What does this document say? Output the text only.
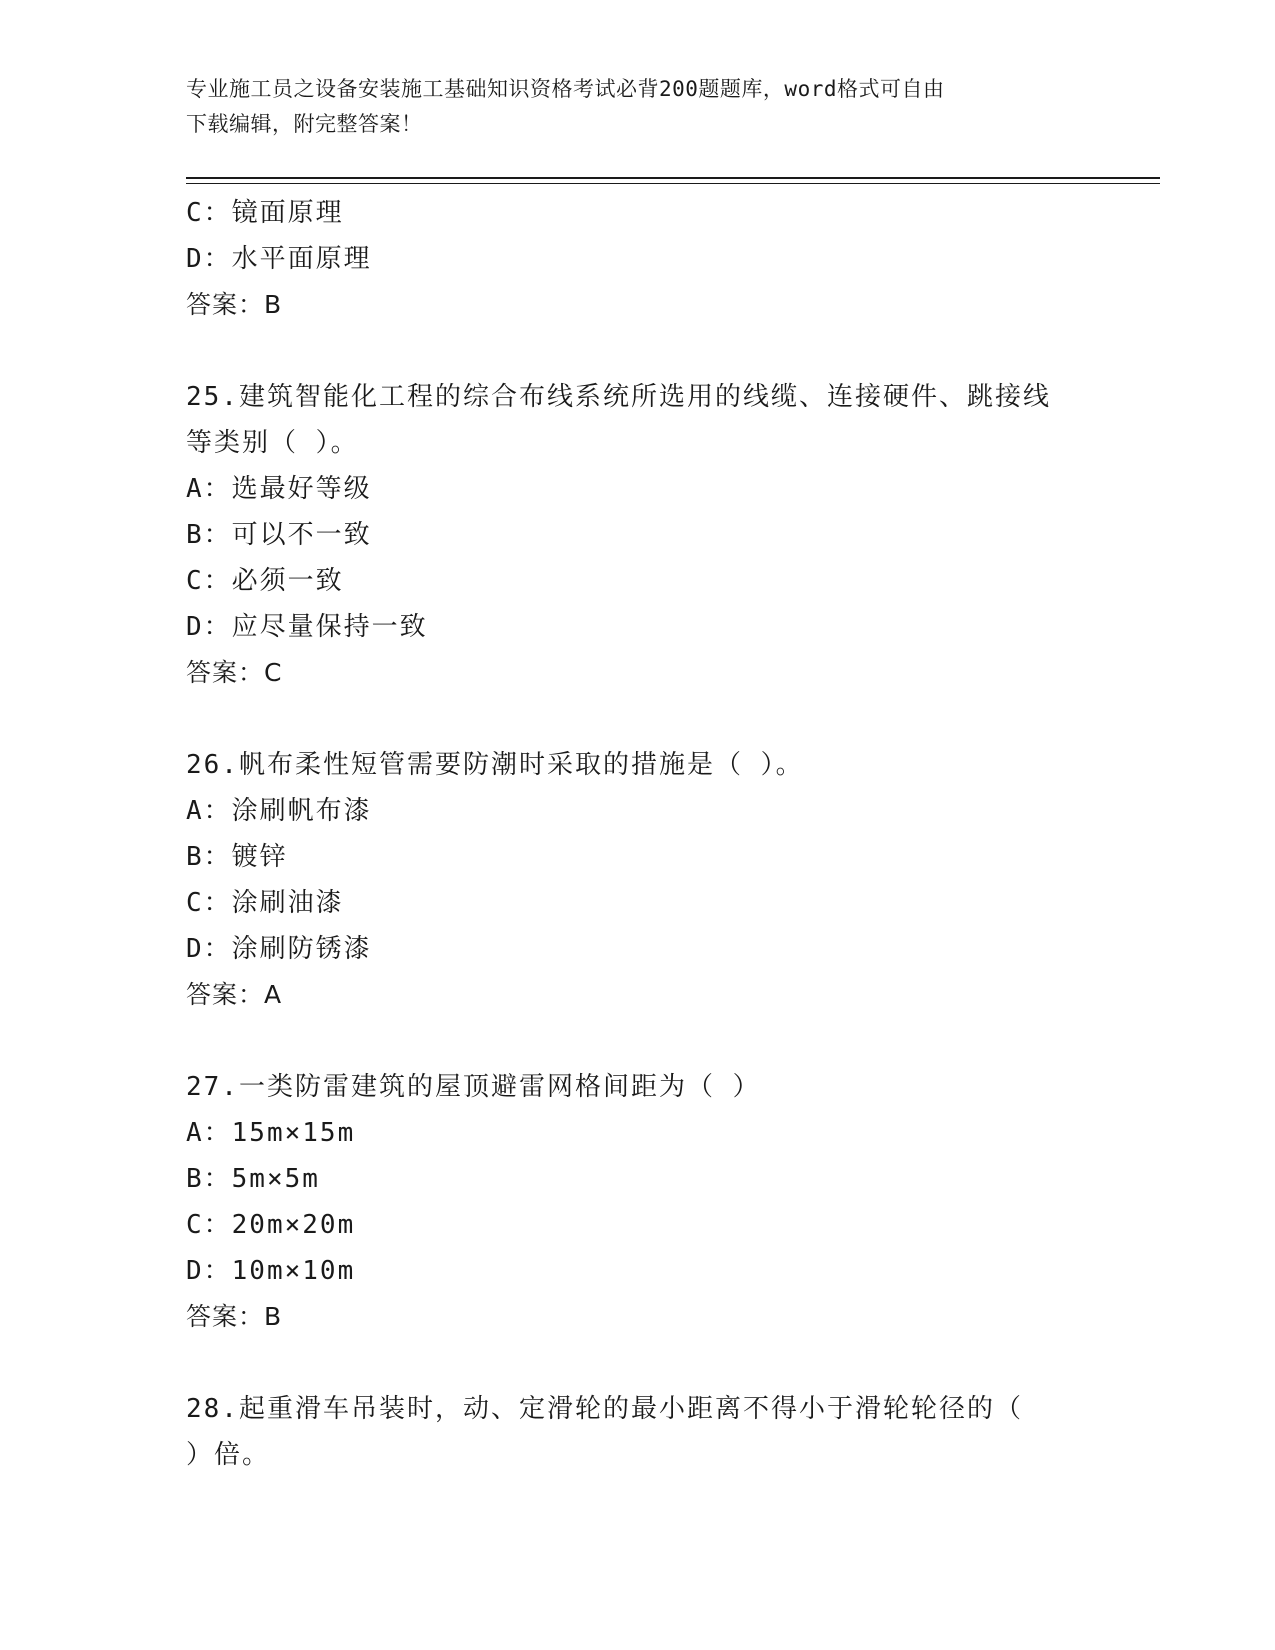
专业施工员之设备安装施工基础知识资格考试必背200题题库，word格式可自由
下载编辑，附完整答案！
C：镜面原理
D：水平面原理
答案：B
25.建筑智能化工程的综合布线系统所选用的线缆、连接硬件、跳接线
等类别（ ）。
A：选最好等级
B：可以不一致
C：必须一致
D：应尽量保持一致
答案：C
26.帆布柔性短管需要防潮时采取的措施是（ ）。
A：涂刷帆布漆
B：镀锌
C：涂刷油漆
D：涂刷防锈漆
答案：A
27.一类防雷建筑的屋顶避雷网格间距为（ ）
A：15m×15m
B：5m×5m
C：20m×20m
D：10m×10m
答案：B
28.起重滑车吊装时，动、定滑轮的最小距离不得小于滑轮轮径的（
）倍。
